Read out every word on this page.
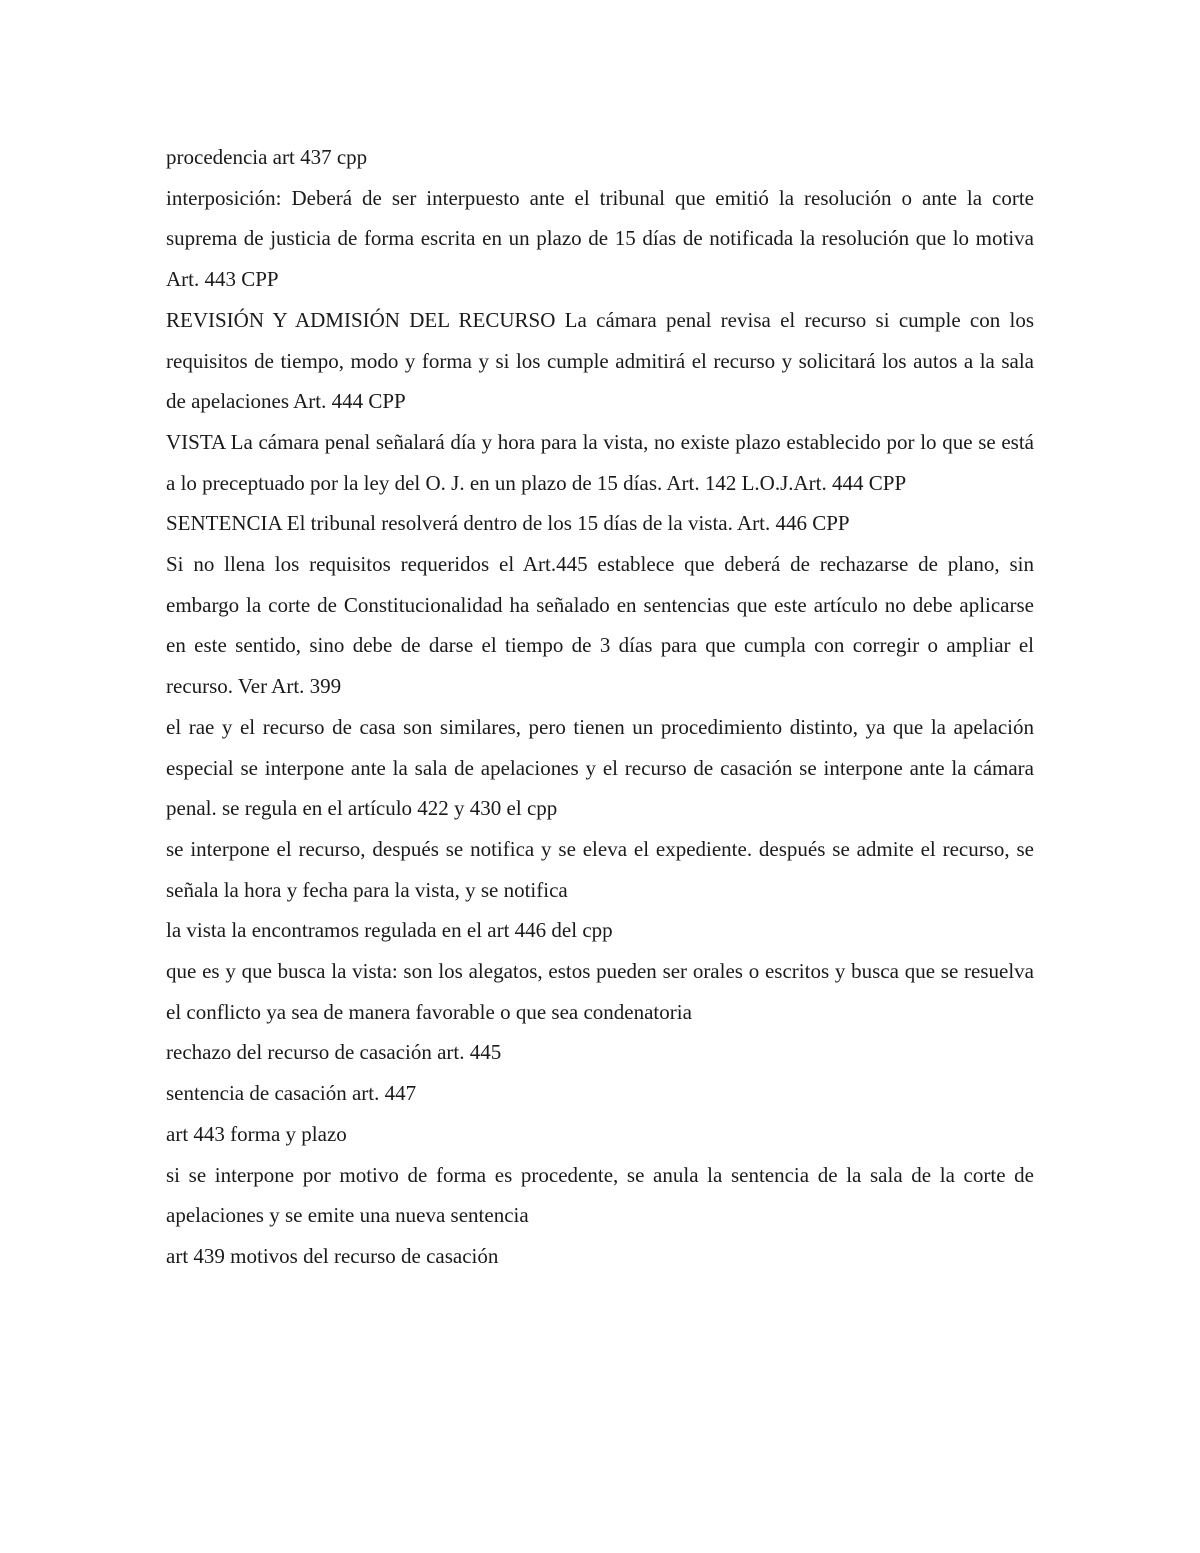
procedencia art 437 cpp

interposición: Deberá de ser interpuesto ante el tribunal que emitió la resolución o ante la corte suprema de justicia de forma escrita en un plazo de 15 días de notificada la resolución que lo motiva Art. 443 CPP

REVISIÓN Y ADMISIÓN DEL RECURSO La cámara penal revisa el recurso si cumple con los requisitos de tiempo, modo y forma y si los cumple admitirá el recurso y solicitará los autos a la sala de apelaciones Art. 444 CPP

VISTA La cámara penal señalará día y hora para la vista, no existe plazo establecido por lo que se está a lo preceptuado por la ley del O. J. en un plazo de 15 días. Art. 142 L.O.J.Art. 444 CPP

SENTENCIA El tribunal resolverá dentro de los 15 días de la vista. Art. 446 CPP

Si no llena los requisitos requeridos el Art.445 establece que deberá de rechazarse de plano, sin embargo la corte de Constitucionalidad ha señalado en sentencias que este artículo no debe aplicarse en este sentido, sino debe de darse el tiempo de 3 días para que cumpla con corregir o ampliar el recurso. Ver Art. 399

el rae y el recurso de casa son similares, pero tienen un procedimiento distinto, ya que la apelación especial se interpone ante la sala de apelaciones y el recurso de casación se interpone ante la cámara penal. se regula en el artículo 422 y 430 el cpp

se interpone el recurso, después se notifica y se eleva el expediente. después se admite el recurso, se señala la hora y fecha para la vista, y se notifica

la vista la encontramos regulada en el art 446 del cpp

que es y que busca la vista: son los alegatos, estos pueden ser orales o escritos y busca que se resuelva el conflicto ya sea de manera favorable o que sea condenatoria

rechazo del recurso de casación art. 445

sentencia de casación art. 447

art 443 forma y plazo

si se interpone por motivo de forma es procedente, se anula la sentencia de la sala de la corte de apelaciones y se emite una nueva sentencia

art 439 motivos del recurso de casación
